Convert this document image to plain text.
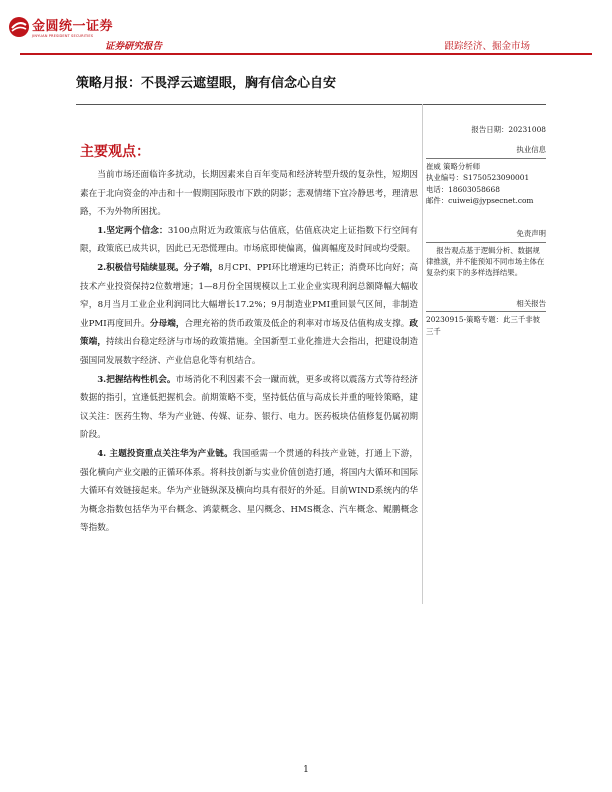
金圆统一证券
JINYUAN PRESIDENT SECURITIES
证券研究报告	跟踪经济、掘金市场
策略月报：不畏浮云遮望眼，胸有信念心自安
主要观点：

当前市场还面临许多扰动，长期因素来自百年变局和经济转型升级的复杂性，短期因素在于北向资金的冲击和十一假期国际股市下跌的阴影；悲观情绪下宜冷静思考，理清思路，不为外物所困扰。

1.坚定两个信念：3100点附近为政策底与估值底，估值底决定上证指数下行空间有限，政策底已成共识，因此已无恐慌理由。市场底即使偏离，偏离幅度及时间或均受限。

2.积极信号陆续显现。分子端，8月CPI、PPI环比增速均已转正；消费环比向好；高技术产业投资保持2位数增速；1—8月份全国规模以上工业企业实现利润总额降幅大幅收窄，8月当月工业企业利润同比大幅增长17.2%；9月制造业PMI重回景气区间，非制造业PMI再度回升。分母端，合理充裕的货币政策及低企的利率对市场及估值构成支撑。政策端，持续出台稳定经济与市场的政策措施。全国新型工业化推进大会指出，把建设制造强国同发展数字经济、产业信息化等有机结合。

3.把握结构性机会。市场消化不利因素不会一蹴而就，更多或将以震荡方式等待经济数据的指引，宜逢低把握机会。前期策略不变，坚持低估值与高成长并重的哑铃策略，建议关注：医药生物、华为产业链、传媒、证券、银行、电力。医药板块估值修复仍属初期阶段。

4. 主题投资重点关注华为产业链。我国亟需一个贯通的科技产业链，打通上下游，强化横向产业交融的正循环体系。将科技创新与实业价值创造打通，将国内大循环和国际大循环有效链接起来。华为产业链纵深及横向均具有很好的外延。目前WIND系统内的华为概念指数包括华为平台概念、鸿蒙概念、星闪概念、HMS概念、汽车概念、鲲鹏概念等指数。

报告日期：20231008
执业信息
崔威 策略分析师
执业编号：S1750523090001
电话：18603058668
邮件：cuiwei@jypsecnet.com
免责声明
报告观点基于逻辑分析、数据规律推演，并不能预知不同市场主体在复杂约束下的多样选择结果。
相关报告
20230915-策略专题：此三千非彼三千
1
